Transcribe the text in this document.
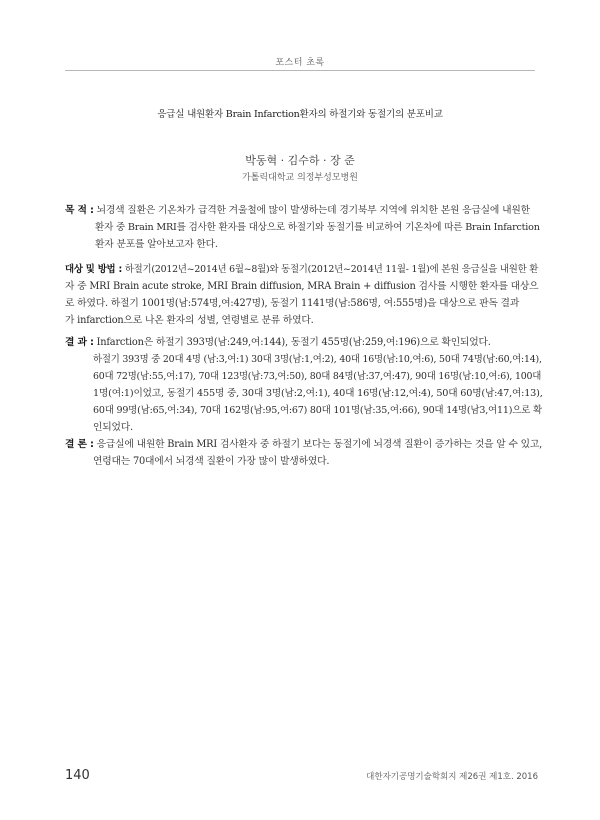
포스터 초록
응급실 내원환자 Brain Infarction환자의 하절기와 동절기의 분포비교
박동혁 · 김수하 · 장 준
가톨릭대학교 의정부성모병원
목 적 : 뇌경색 질환은 기온차가 급격한 겨울철에 많이 발생하는데 경기북부 지역에 위치한 본원 응급실에 내원한
환자 중 Brain MRI를 검사한 환자를 대상으로 하절기와 동절기를 비교하여 기온차에 따른 Brain Infarction
환자 분포를 알아보고자 한다.
대상 및 방법 : 하절기(2012년~2014년 6월~8월)와 동절기(2012년~2014년 11월- 1월)에 본원 응급실을 내원한 환
자 중 MRI Brain acute stroke, MRI Brain diffusion, MRA Brain + diffusion 검사를 시행한 환자를 대상으
로 하였다. 하절기 1001명(남:574명,여:427명), 동절기 1141명(남:586명, 여:555명)을 대상으로 판독 결과
가 infarction으로 나온 환자의 성별, 연령별로 분류 하였다.
결 과 : Infarction은 하절기 393명(남:249,여:144), 동절기 455명(남:259,여:196)으로 확인되었다.
하절기 393명 중 20대 4명 (남:3,여:1) 30대 3명(남:1,여:2), 40대 16명(남:10,여:6), 50대 74명(남:60,여:14),
60대 72명(남:55,여:17), 70대 123명(남:73,여:50), 80대 84명(남:37,여:47), 90대 16명(남:10,여:6), 100대
1명(여:1)이었고, 동절기 455명 중, 30대 3명(남:2,여:1), 40대 16명(남:12,여:4), 50대 60명(남:47,여:13),
60대 99명(남:65,여:34), 70대 162명(남:95,여:67) 80대 101명(남:35,여:66), 90대 14명(남3,여11)으로 확
인되었다.
결 론 : 응급실에 내원한 Brain MRI 검사환자 중 하절기 보다는 동절기에 뇌경색 질환이 증가하는 것을 알 수 있고,
연령대는 70대에서 뇌경색 질환이 가장 많이 발생하였다.
140	대한자기공명기술학회지 제26권 제1호. 2016
